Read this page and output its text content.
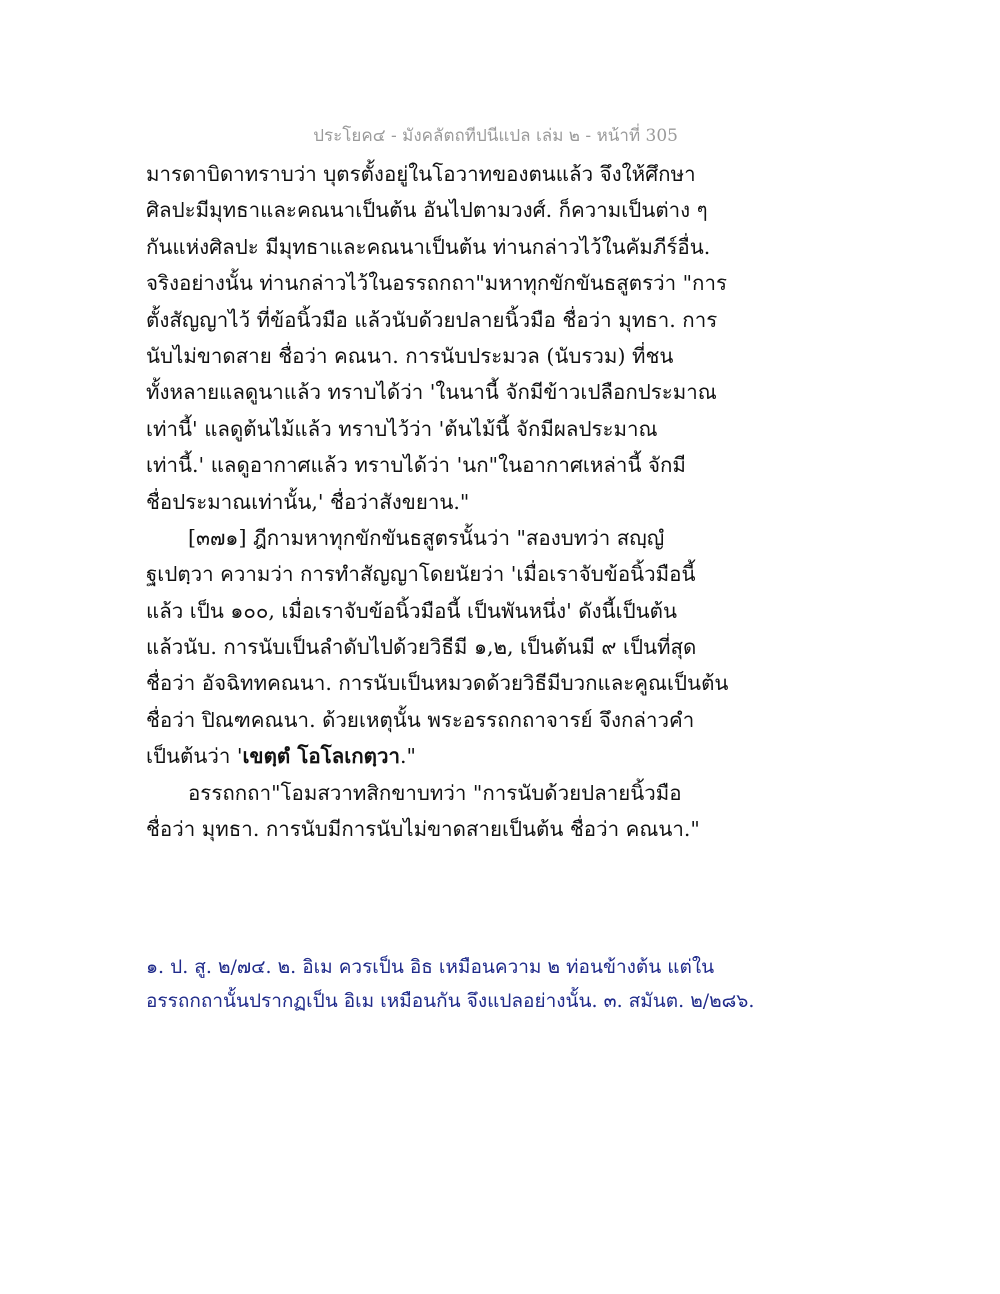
ประโยค๔ - มังคลัตถทีปนีแปล เล่ม ๒ - หน้าที่ 305
มารดาบิดาทราบว่า บุตรตั้งอยู่ในโอวาทของตนแล้ว จึงให้ศึกษา
ศิลปะมีมุทธาและคณนาเป็นต้น อันไปตามวงศ์. ก็ความเป็นต่าง ๆ
กันแห่งศิลปะ มีมุทธาและคณนาเป็นต้น ท่านกล่าวไว้ในคัมภีร์อื่น.
จริงอย่างนั้น ท่านกล่าวไว้ในอรรถกถา"มหาทุกขักขันธสูตรว่า "การ
ตั้งสัญญาไว้ ที่ข้อนิ้วมือ แล้วนับด้วยปลายนิ้วมือ ชื่อว่า มุทธา. การ
นับไม่ขาดสาย ชื่อว่า คณนา. การนับประมวล (นับรวม) ที่ชน
ทั้งหลายแลดูนาแล้ว ทราบได้ว่า 'ในนานี้ จักมีข้าวเปลือกประมาณ
เท่านี้' แลดูต้นไม้แล้ว ทราบไว้ว่า 'ต้นไม้นี้ จักมีผลประมาณ
เท่านี้.' แลดูอากาศแล้ว ทราบได้ว่า 'นก"ในอากาศเหล่านี้ จักมี
ชื่อประมาณเท่านั้น,' ชื่อว่าสังขยาน."
[๓๗๑] ฎีกามหาทุกขักขันธสูตรนั้นว่า "สองบทว่า สญฺญํ
ฐเปตฺวา ความว่า การทำสัญญาโดยนัยว่า 'เมื่อเราจับข้อนิ้วมือนี้
แล้ว เป็น ๑๐๐, เมื่อเราจับข้อนิ้วมือนี้ เป็นพันหนึ่ง' ดังนี้เป็นต้น
แล้วนับ. การนับเป็นลำดับไปด้วยวิธีมี ๑,๒, เป็นต้นมี ๙ เป็นที่สุด
ชื่อว่า อัจฉิททคณนา. การนับเป็นหมวดด้วยวิธีมีบวกและคูณเป็นต้น
ชื่อว่า ปิณฑคณนา. ด้วยเหตุนั้น พระอรรถกถาจารย์ จึงกล่าวคำ
เป็นต้นว่า 'เขตฺตํ โอโลเกตฺวา."
อรรถกถา"โอมสวาทสิกขาบทว่า "การนับด้วยปลายนิ้วมือ
ชื่อว่า มุทธา. การนับมีการนับไม่ขาดสายเป็นต้น ชื่อว่า คณนา."
๑. ป. สู. ๒/๗๔. ๒. อิเม ควรเป็น อิธ เหมือนความ ๒ ท่อนข้างต้น แต่ใน
อรรถกถานั้นปรากฏเป็น อิเม เหมือนกัน จึงแปลอย่างนั้น. ๓. สมันต. ๒/๒๘๖.
